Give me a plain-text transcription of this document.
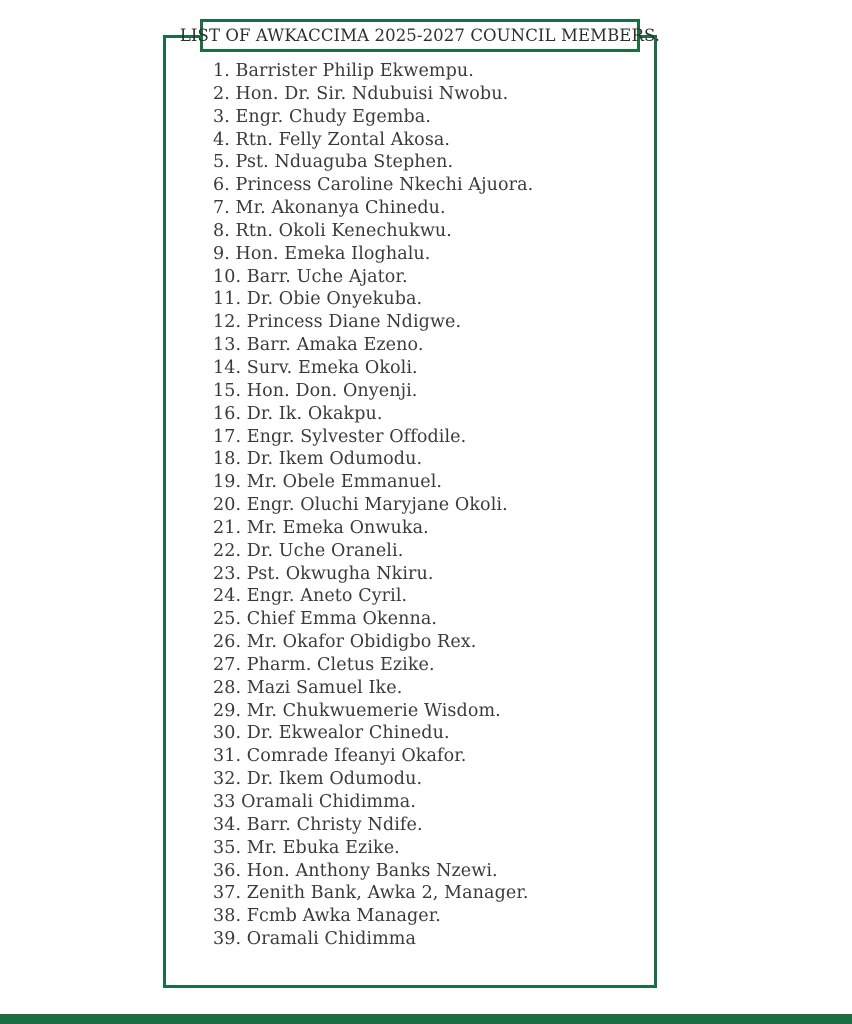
LIST OF AWKACCIMA 2025-2027 COUNCIL MEMBERS.
1. Barrister Philip Ekwempu.
2. Hon. Dr. Sir. Ndubuisi Nwobu.
3. Engr. Chudy Egemba.
4. Rtn. Felly Zontal Akosa.
5. Pst. Nduaguba Stephen.
6. Princess Caroline Nkechi Ajuora.
7. Mr. Akonanya Chinedu.
8. Rtn. Okoli Kenechukwu.
9. Hon. Emeka Iloghalu.
10. Barr. Uche Ajator.
11. Dr. Obie Onyekuba.
12. Princess Diane Ndigwe.
13. Barr. Amaka Ezeno.
14. Surv. Emeka Okoli.
15. Hon. Don. Onyenji.
16. Dr. Ik. Okakpu.
17. Engr. Sylvester Offodile.
18. Dr. Ikem Odumodu.
19. Mr. Obele Emmanuel.
20. Engr. Oluchi Maryjane Okoli.
21. Mr. Emeka Onwuka.
22. Dr. Uche Oraneli.
23. Pst. Okwugha Nkiru.
24. Engr. Aneto Cyril.
25. Chief Emma Okenna.
26. Mr. Okafor Obidigbo Rex.
27. Pharm. Cletus Ezike.
28. Mazi Samuel Ike.
29. Mr. Chukwuemerie Wisdom.
30. Dr. Ekwealor Chinedu.
31. Comrade Ifeanyi Okafor.
32. Dr. Ikem Odumodu.
33 Oramali Chidimma.
34. Barr. Christy Ndife.
35. Mr. Ebuka Ezike.
36. Hon. Anthony Banks Nzewi.
37. Zenith Bank, Awka 2, Manager.
38. Fcmb Awka Manager.
39. Oramali Chidimma
